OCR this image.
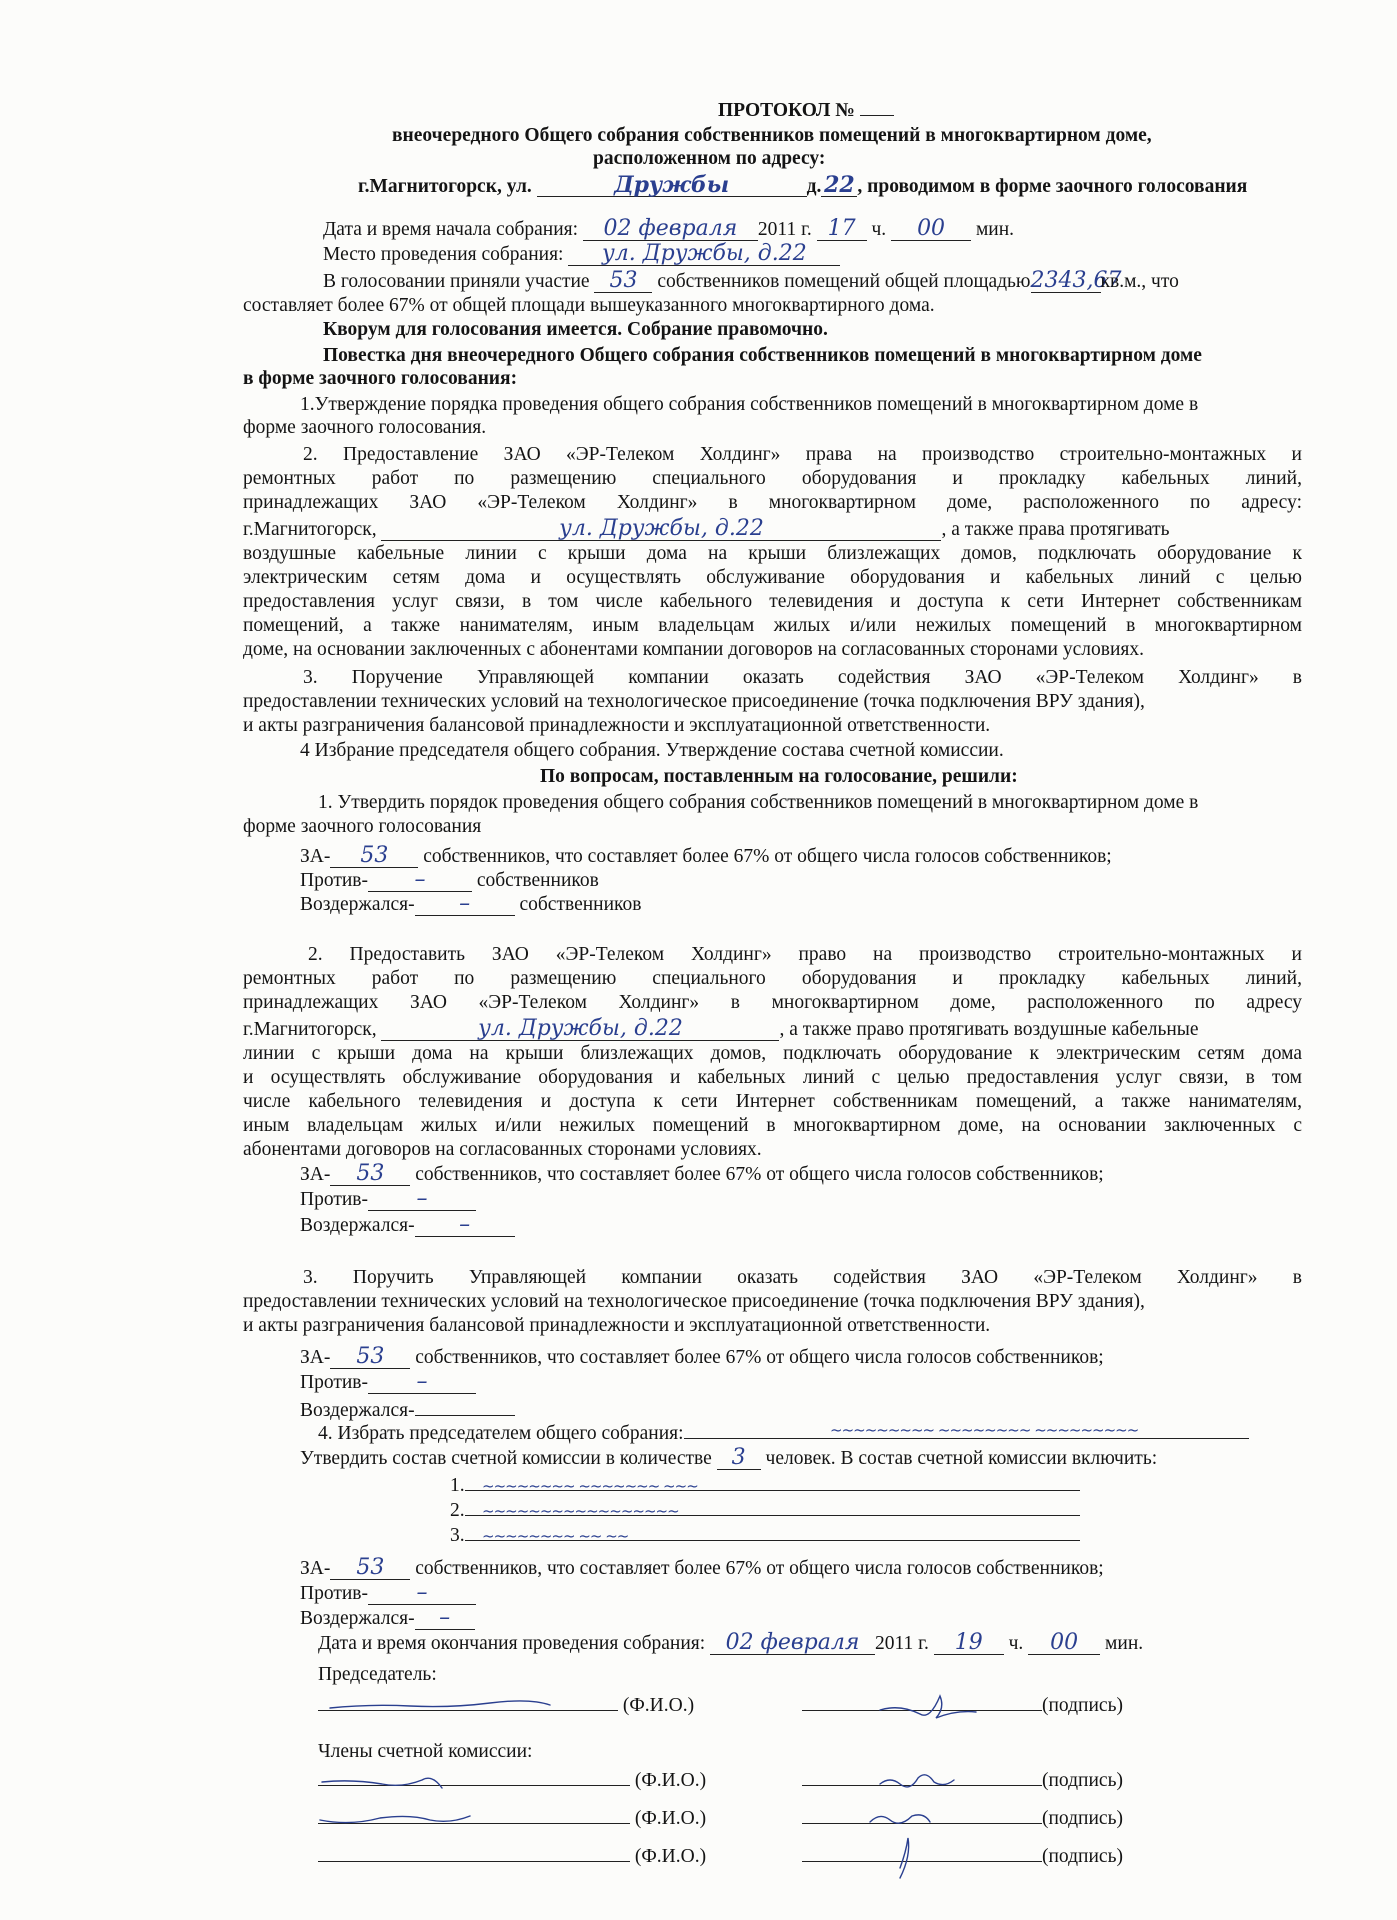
ПРОТОКОЛ №
внеочередного Общего собрания собственников помещений в многоквартирном доме,
расположенном по адресу:
г.Магнитогорск, ул.	Дружбы	д. 22 , проводимом в форме заочного голосования
Дата и время начала собрания: 02 февраля 2011 г. 17 ч. 00 мин.
Место проведения собрания: ул. Дружбы, д.22
В голосовании приняли участие 53 собственников помещений общей площадью2343,67кв.м., что
составляет более 67% от общей площади вышеуказанного многоквартирного дома.
Кворум для голосования имеется. Собрание правомочно.
Повестка дня внеочередного Общего собрания собственников помещений в многоквартирном доме
в форме заочного голосования:
1.Утверждение порядка проведения общего собрания собственников помещений в многоквартирном доме в
форме заочного голосования.
2. Предоставление ЗАО «ЭР-Телеком Холдинг» права на производство строительно-монтажных и
ремонтных работ по размещению специального оборудования и прокладку кабельных линий,
принадлежащих ЗАО «ЭР-Телеком Холдинг» в многоквартирном доме, расположенного по адресу:
г.Магнитогорск,	ул. Дружбы, д.22	, а также права протягивать
воздушные кабельные линии с крыши дома на крыши близлежащих домов, подключать оборудование к
электрическим сетям дома и осуществлять обслуживание оборудования и кабельных линий с целью
предоставления услуг связи, в том числе кабельного телевидения и доступа к сети Интернет собственникам
помещений, а также нанимателям, иным владельцам жилых и/или нежилых помещений в многоквартирном
доме, на основании заключенных с абонентами компании договоров на согласованных сторонами условиях.
3. Поручение Управляющей компании оказать содействия ЗАО «ЭР-Телеком Холдинг» в
предоставлении технических условий на технологическое присоединение (точка подключения ВРУ здания),
и акты разграничения балансовой принадлежности и эксплуатационной ответственности.
4 Избрание председателя общего собрания. Утверждение состава счетной комиссии.
По вопросам, поставленным на голосование, решили:
1. Утвердить порядок проведения общего собрания собственников помещений в многоквартирном доме в
форме заочного голосования
ЗА- 53 собственников, что составляет более 67% от общего числа голосов собственников;
Против- –	собственников
Воздержался- –	собственников
2. Предоставить ЗАО «ЭР-Телеком Холдинг» право на производство строительно-монтажных и
ремонтных работ по размещению специального оборудования и прокладку кабельных линий,
принадлежащих ЗАО «ЭР-Телеком Холдинг» в многоквартирном доме, расположенного по адресу
г.Магнитогорск,	ул. Дружбы, д.22	, а также право протягивать воздушные кабельные
линии с крыши дома на крыши близлежащих домов, подключать оборудование к электрическим сетям дома
и осуществлять обслуживание оборудования и кабельных линий с целью предоставления услуг связи, в том
числе кабельного телевидения и доступа к сети Интернет собственникам помещений, а также нанимателям,
иным владельцам жилых и/или нежилых помещений в многоквартирном доме, на основании заключенных с
абонентами договоров на согласованных сторонами условиях.
ЗА- 53 собственников, что составляет более 67% от общего числа голосов собственников;
Против- –
Воздержался- –
3. Поручить Управляющей компании оказать содействия ЗАО «ЭР-Телеком Холдинг» в
предоставлении технических условий на технологическое присоединение (точка подключения ВРУ здания),
и акты разграничения балансовой принадлежности и эксплуатационной ответственности.
ЗА- 53 собственников, что составляет более 67% от общего числа голосов собственников;
Против- –
Воздержался-
4. Избрать председателем общего собрания:	~~~~~~~~~ ~~~~~~~~ ~~~~~~~~~
Утвердить состав счетной комиссии в количестве 3 человек. В состав счетной комиссии включить:
1.
2.
3.
~~~~~~~~ ~~~~~~~ ~~~
~~~~~~~~~~~~~~~~~
~~~~~~~~ ~~ ~~
ЗА- 53 собственников, что составляет более 67% от общего числа голосов собственников;
Против- –
Воздержался- –
Дата и время окончания проведения собрания: 02 февраля 2011 г. 19 ч. 00 мин.
Председатель:
(Ф.И.О.)	(подпись)
Члены счетной комиссии:
(Ф.И.О.)	(подпись)
(Ф.И.О.)	(подпись)
(Ф.И.О.)	(подпись)
